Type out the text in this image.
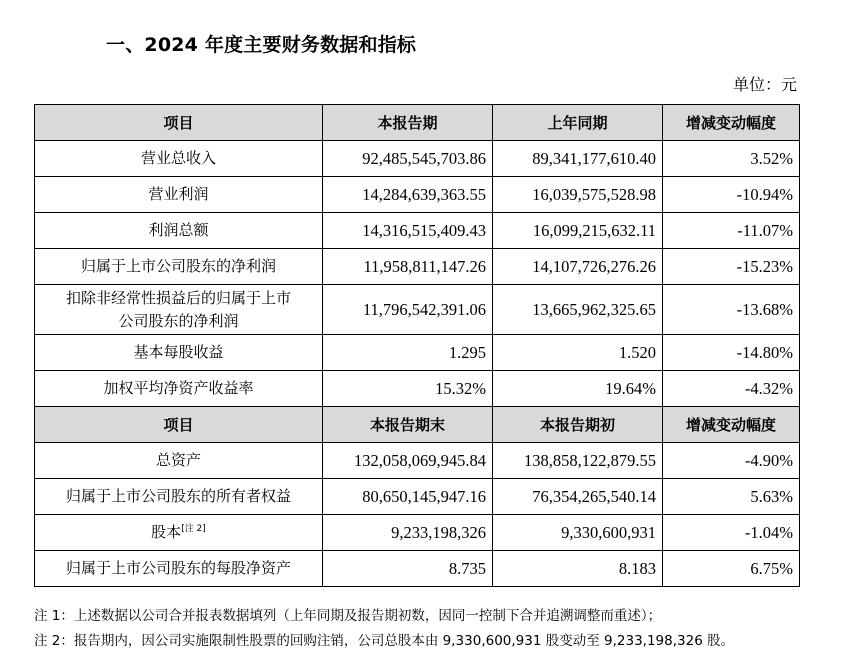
一、2024 年度主要财务数据和指标
单位：元
项目	本报告期	上年同期	增减变动幅度
营业总收入	92,485,545,703.86	89,341,177,610.40	3.52%
营业利润	14,284,639,363.55	16,039,575,528.98	-10.94%
利润总额	14,316,515,409.43	16,099,215,632.11	-11.07%
归属于上市公司股东的净利润	11,958,811,147.26	14,107,726,276.26	-15.23%
扣除非经常性损益后的归属于上市
公司股东的净利润	11,796,542,391.06	13,665,962,325.65	-13.68%
基本每股收益	1.295	1.520	-14.80%
加权平均净资产收益率	15.32%	19.64%	-4.32%
项目	本报告期末	本报告期初	增减变动幅度
总资产	132,058,069,945.84	138,858,122,879.55	-4.90%
归属于上市公司股东的所有者权益	80,650,145,947.16	76,354,265,540.14	5.63%
股本[注 2]	9,233,198,326	9,330,600,931	-1.04%
归属于上市公司股东的每股净资产	8.735	8.183	6.75%
注 1：上述数据以公司合并报表数据填列（上年同期及报告期初数，因同一控制下合并追溯调整而重述）；
注 2：报告期内，因公司实施限制性股票的回购注销，公司总股本由 9,330,600,931 股变动至 9,233,198,326 股。
